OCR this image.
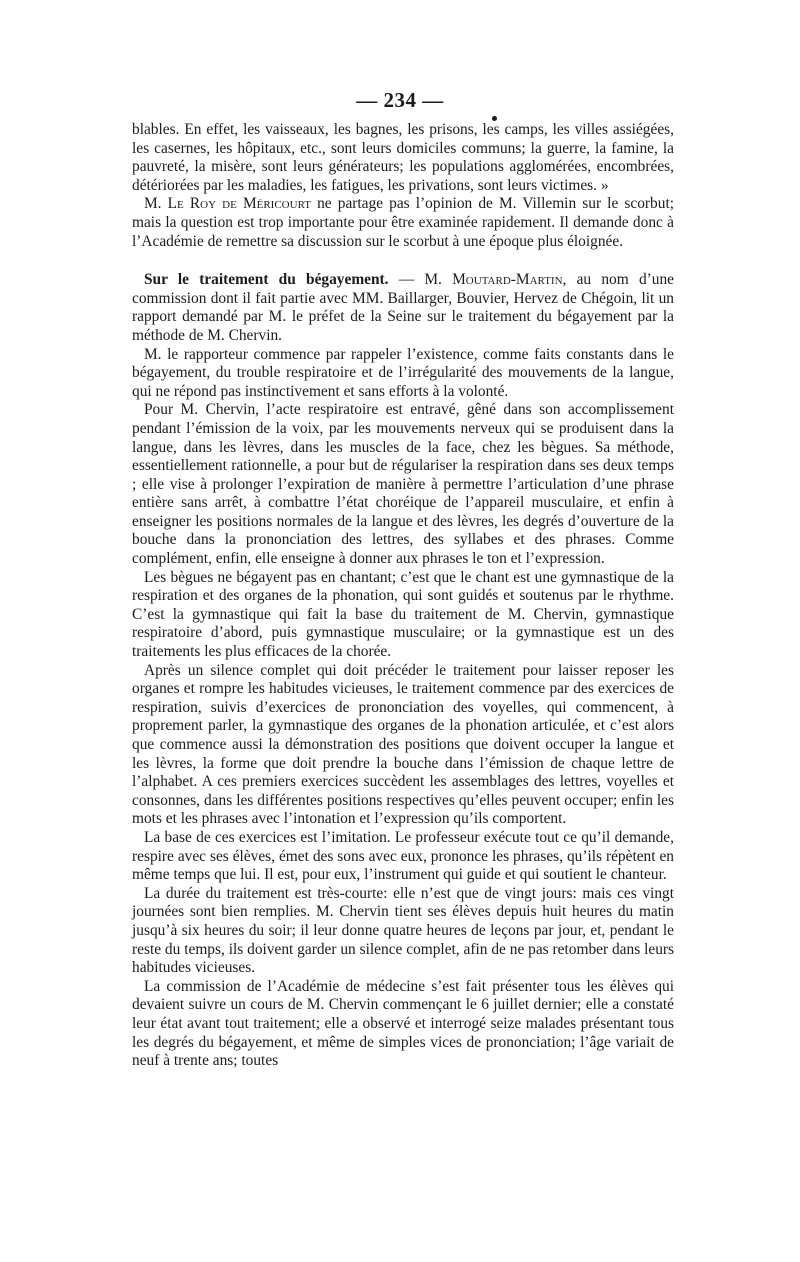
— 234 —

blables. En effet, les vaisseaux, les bagnes, les prisons, les camps, les villes assiégées, les casernes, les hôpitaux, etc., sont leurs domiciles communs; la guerre, la famine, la pauvreté, la misère, sont leurs générateurs; les populations agglomérées, encombrées, détériorées par les maladies, les fatigues, les privations, sont leurs victimes. »

M. Le Roy de Méricourt ne partage pas l’opinion de M. Villemin sur le scorbut; mais la question est trop importante pour être examinée rapidement. Il demande donc à l’Académie de remettre sa discussion sur le scorbut à une époque plus éloignée.

Sur le traitement du bégayement. — M. Moutard-Martin, au nom d’une commission dont il fait partie avec MM. Baillarger, Bouvier, Hervez de Chégoin, lit un rapport demandé par M. le préfet de la Seine sur le traitement du bégayement par la méthode de M. Chervin.

M. le rapporteur commence par rappeler l’existence, comme faits constants dans le bégayement, du trouble respiratoire et de l’irrégularité des mouvements de la langue, qui ne répond pas instinctivement et sans efforts à la volonté.

Pour M. Chervin, l’acte respiratoire est entravé, gêné dans son accomplissement pendant l’émission de la voix, par les mouvements nerveux qui se produisent dans la langue, dans les lèvres, dans les muscles de la face, chez les bègues. Sa méthode, essentiellement rationnelle, a pour but de régulariser la respiration dans ses deux temps ; elle vise à prolonger l’expiration de manière à permettre l’articulation d’une phrase entière sans arrêt, à combattre l’état choréique de l’appareil musculaire, et enfin à enseigner les positions normales de la langue et des lèvres, les degrés d’ouverture de la bouche dans la prononciation des lettres, des syllabes et des phrases. Comme complément, enfin, elle enseigne à donner aux phrases le ton et l’expression.

Les bègues ne bégayent pas en chantant; c’est que le chant est une gymnastique de la respiration et des organes de la phonation, qui sont guidés et soutenus par le rhythme. C’est la gymnastique qui fait la base du traitement de M. Chervin, gymnastique respiratoire d’abord, puis gymnastique musculaire; or la gymnastique est un des traitements les plus efficaces de la chorée.

Après un silence complet qui doit précéder le traitement pour laisser reposer les organes et rompre les habitudes vicieuses, le traitement commence par des exercices de respiration, suivis d’exercices de prononciation des voyelles, qui commencent, à proprement parler, la gymnastique des organes de la phonation articulée, et c’est alors que commence aussi la démonstration des positions que doivent occuper la langue et les lèvres, la forme que doit prendre la bouche dans l’émission de chaque lettre de l’alphabet. A ces premiers exercices succèdent les assemblages des lettres, voyelles et consonnes, dans les différentes positions respectives qu’elles peuvent occuper; enfin les mots et les phrases avec l’intonation et l’expression qu’ils comportent.

La base de ces exercices est l’imitation. Le professeur exécute tout ce qu’il demande, respire avec ses élèves, émet des sons avec eux, prononce les phrases, qu’ils répètent en même temps que lui. Il est, pour eux, l’instrument qui guide et qui soutient le chanteur.

La durée du traitement est très-courte: elle n’est que de vingt jours: mais ces vingt journées sont bien remplies. M. Chervin tient ses élèves depuis huit heures du matin jusqu’à six heures du soir; il leur donne quatre heures de leçons par jour, et, pendant le reste du temps, ils doivent garder un silence complet, afin de ne pas retomber dans leurs habitudes vicieuses.

La commission de l’Académie de médecine s’est fait présenter tous les élèves qui devaient suivre un cours de M. Chervin commençant le 6 juillet dernier; elle a constaté leur état avant tout traitement; elle a observé et interrogé seize malades présentant tous les degrés du bégayement, et même de simples vices de prononciation; l’âge variait de neuf à trente ans; toutes
